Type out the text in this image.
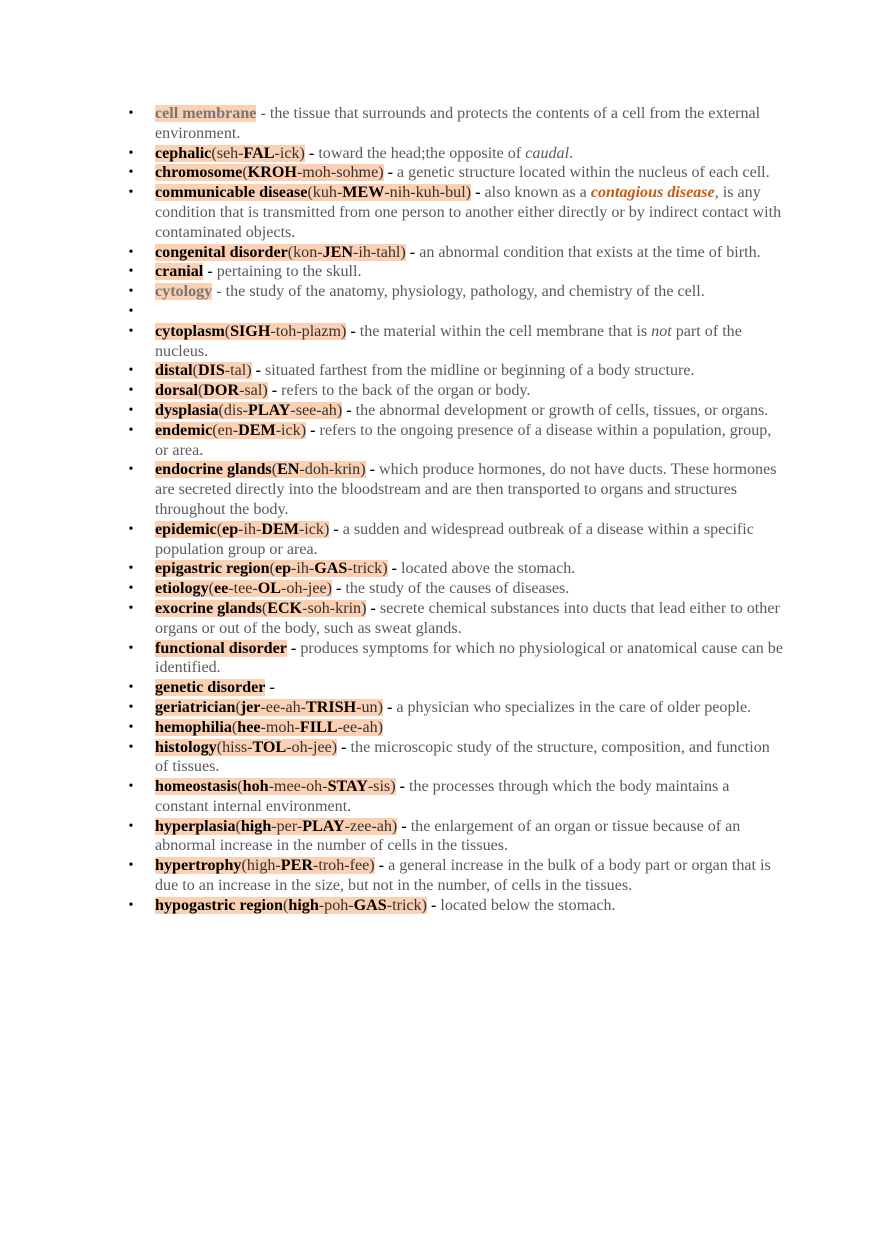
• cell membrane - the tissue that surrounds and protects the contents of a cell from the external environment.
• cephalic(seh-FAL-ick) - toward the head;the opposite of caudal.
• chromosome(KROH-moh-sohme) - a genetic structure located within the nucleus of each cell.
• communicable disease(kuh-MEW-nih-kuh-bul) - also known as a contagious disease, is any condition that is transmitted from one person to another either directly or by indirect contact with contaminated objects.
• congenital disorder(kon-JEN-ih-tahl) - an abnormal condition that exists at the time of birth.
• cranial - pertaining to the skull.
• cytology - the study of the anatomy, physiology, pathology, and chemistry of the cell.
•
• cytoplasm(SIGH-toh-plazm) - the material within the cell membrane that is not part of the nucleus.
• distal(DIS-tal) - situated farthest from the midline or beginning of a body structure.
• dorsal(DOR-sal) - refers to the back of the organ or body.
• dysplasia(dis-PLAY-see-ah) - the abnormal development or growth of cells, tissues, or organs.
• endemic(en-DEM-ick) - refers to the ongoing presence of a disease within a population, group, or area.
• endocrine glands(EN-doh-krin) - which produce hormones, do not have ducts. These hormones are secreted directly into the bloodstream and are then transported to organs and structures throughout the body.
• epidemic(ep-ih-DEM-ick) - a sudden and widespread outbreak of a disease within a specific population group or area.
• epigastric region(ep-ih-GAS-trick) - located above the stomach.
• etiology(ee-tee-OL-oh-jee) - the study of the causes of diseases.
• exocrine glands(ECK-soh-krin) - secrete chemical substances into ducts that lead either to other organs or out of the body, such as sweat glands.
• functional disorder - produces symptoms for which no physiological or anatomical cause can be identified.
• genetic disorder -
• geriatrician(jer-ee-ah-TRISH-un) - a physician who specializes in the care of older people.
• hemophilia(hee-moh-FILL-ee-ah)
• histology(hiss-TOL-oh-jee) - the microscopic study of the structure, composition, and function of tissues.
• homeostasis(hoh-mee-oh-STAY-sis) - the processes through which the body maintains a constant internal environment.
• hyperplasia(high-per-PLAY-zee-ah) - the enlargement of an organ or tissue because of an abnormal increase in the number of cells in the tissues.
• hypertrophy(high-PER-troh-fee) - a general increase in the bulk of a body part or organ that is due to an increase in the size, but not in the number, of cells in the tissues.
• hypogastric region(high-poh-GAS-trick) - located below the stomach.
